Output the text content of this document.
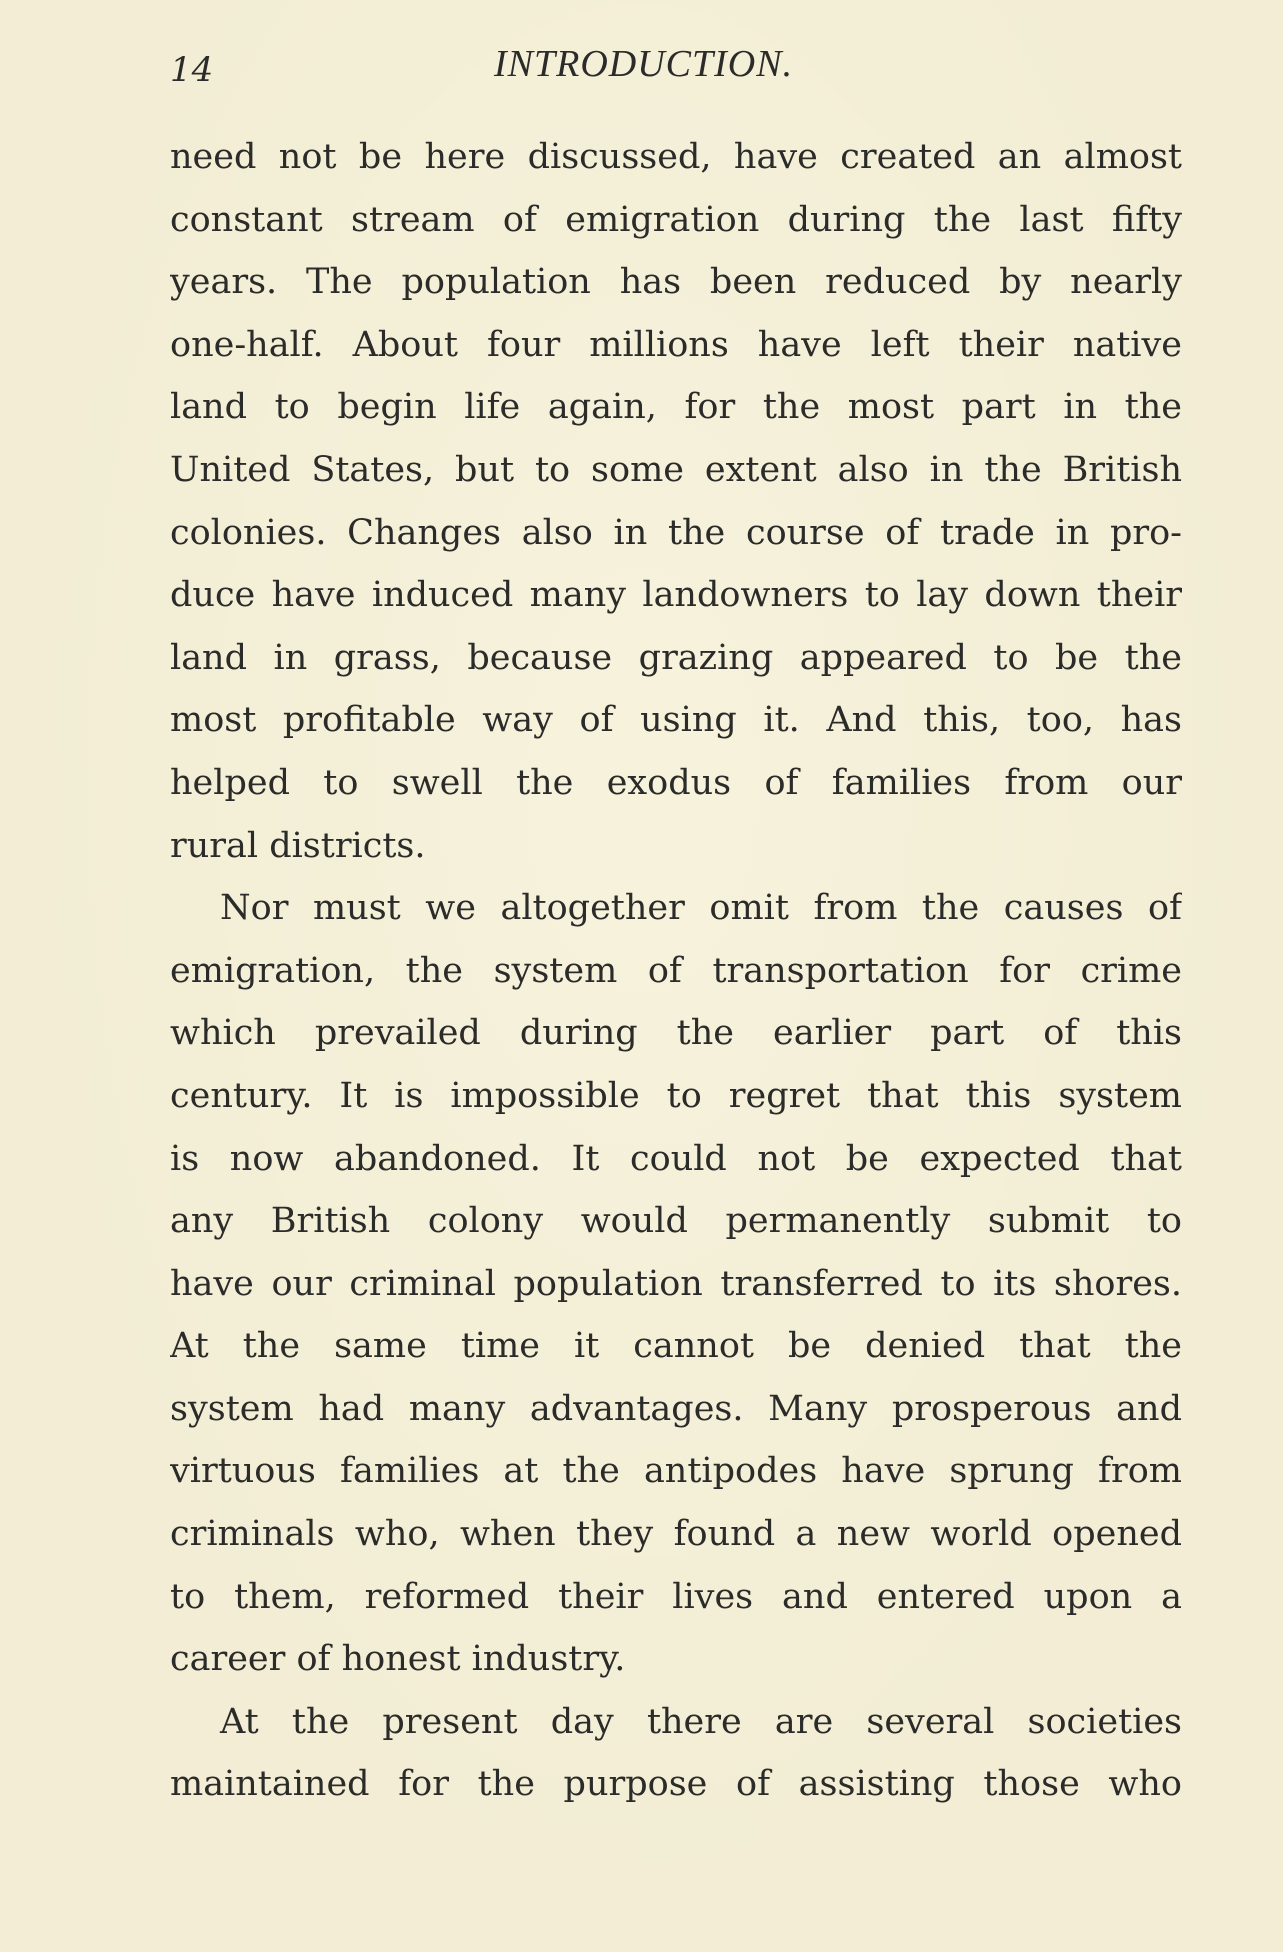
14	INTRODUCTION.
need not be here discussed, have created an almost
constant stream of emigration during the last fifty
years. The population has been reduced by nearly
one-half. About four millions have left their native
land to begin life again, for the most part in the
United States, but to some extent also in the British
colonies. Changes also in the course of trade in pro-
duce have induced many landowners to lay down their
land in grass, because grazing appeared to be the
most profitable way of using it. And this, too, has
helped to swell the exodus of families from our
rural districts.
Nor must we altogether omit from the causes of
emigration, the system of transportation for crime
which prevailed during the earlier part of this
century. It is impossible to regret that this system
is now abandoned. It could not be expected that
any British colony would permanently submit to
have our criminal population transferred to its shores.
At the same time it cannot be denied that the
system had many advantages. Many prosperous and
virtuous families at the antipodes have sprung from
criminals who, when they found a new world opened
to them, reformed their lives and entered upon a
career of honest industry.
At the present day there are several societies
maintained for the purpose of assisting those who
